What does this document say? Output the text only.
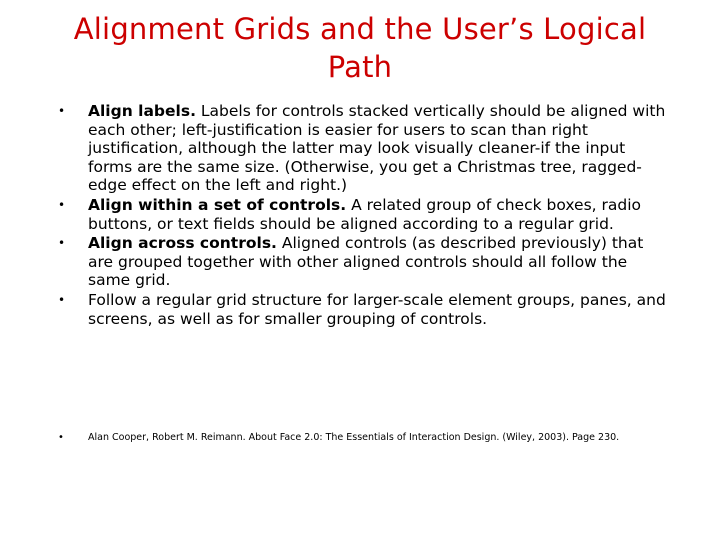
Alignment Grids and the User’s Logical Path
• Align labels. Labels for controls stacked vertically should be aligned with each other; left-justification is easier for users to scan than right justification, although the latter may look visually cleaner-if the input forms are the same size. (Otherwise, you get a Christmas tree, ragged-edge effect on the left and right.)
• Align within a set of controls. A related group of check boxes, radio buttons, or text fields should be aligned according to a regular grid.
• Align across controls. Aligned controls (as described previously) that are grouped together with other aligned controls should all follow the same grid.
• Follow a regular grid structure for larger-scale element groups, panes, and screens, as well as for smaller grouping of controls.
•	Alan Cooper, Robert M. Reimann. About Face 2.0: The Essentials of Interaction Design. (Wiley, 2003). Page 230.
